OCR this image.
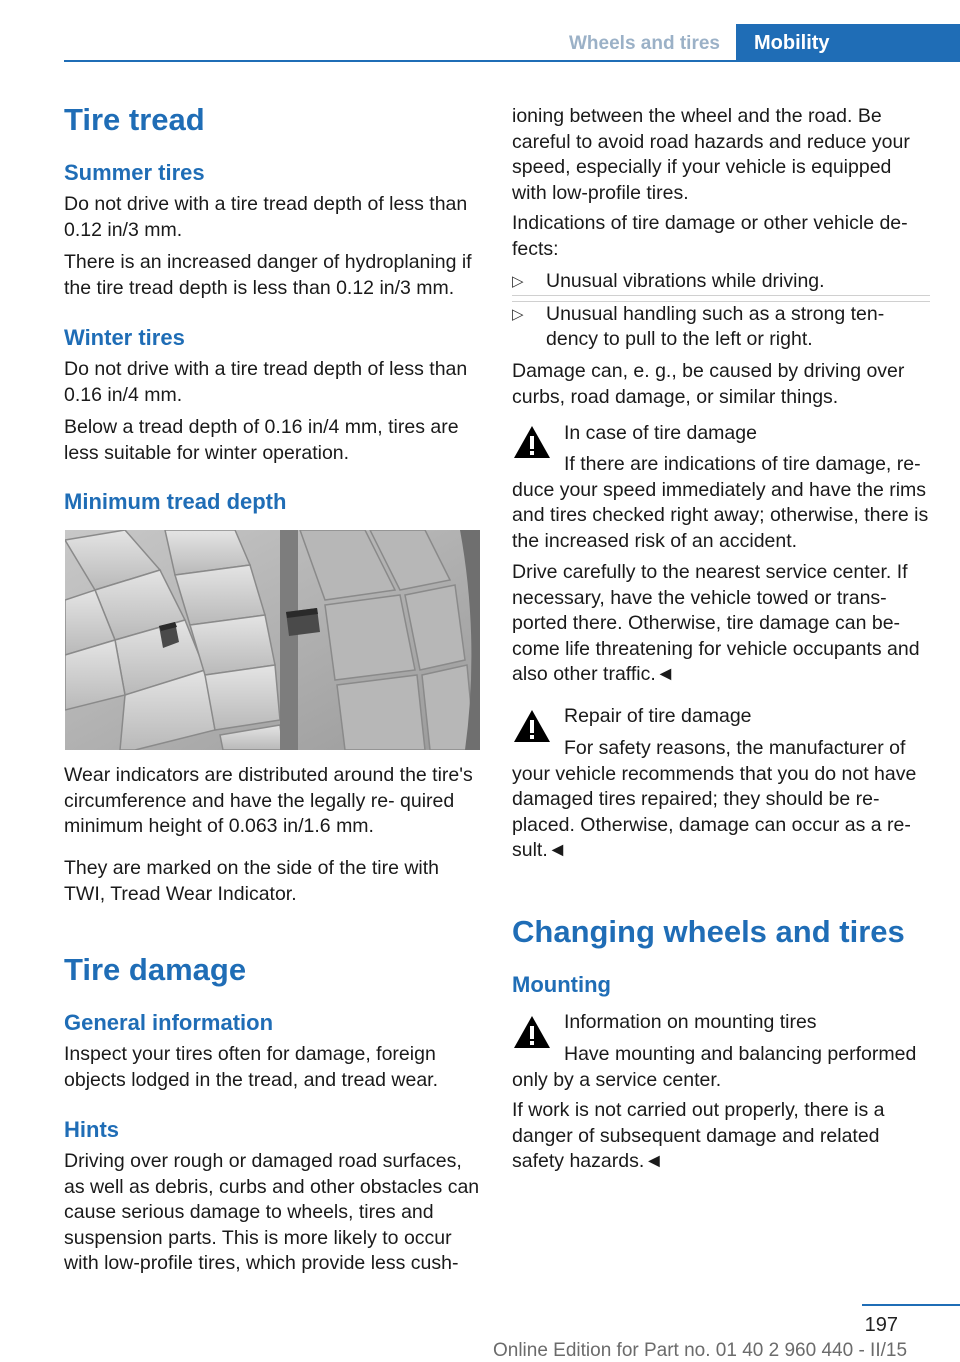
Wheels and tires	Mobility
Tire tread
Summer tires

Do not drive with a tire tread depth of less than 0.12 in/3 mm.

There is an increased danger of hydroplaning if the tire tread depth is less than 0.12 in/3 mm.

Winter tires

Do not drive with a tire tread depth of less than 0.16 in/4 mm.

Below a tread depth of 0.16 in/4 mm, tires are less suitable for winter operation.

Minimum tread depth

Wear indicators are distributed around the tire's circumference and have the legally re- quired minimum height of 0.063 in/1.6 mm.

They are marked on the side of the tire with TWI, Tread Wear Indicator.

Tire damage
General information

Inspect your tires often for damage, foreign objects lodged in the tread, and tread wear.

Hints

Driving over rough or damaged road surfaces, as well as debris, curbs and other obstacles can cause serious damage to wheels, tires and suspension parts. This is more likely to occur with low-profile tires, which provide less cush-

ioning between the wheel and the road. Be careful to avoid road hazards and reduce your speed, especially if your vehicle is equipped with low-profile tires.

Indications of tire damage or other vehicle de- fects:

▷ Unusual vibrations while driving.

▷ Unusual handling such as a strong ten- dency to pull to the left or right.

Damage can, e. g., be caused by driving over curbs, road damage, or similar things.

In case of tire damage

If there are indications of tire damage, re- duce your speed immediately and have the rims and tires checked right away; otherwise, there is the increased risk of an accident.

Drive carefully to the nearest service center. If necessary, have the vehicle towed or trans- ported there. Otherwise, tire damage can be- come life threatening for vehicle occupants and also other traffic.◄

Repair of tire damage

For safety reasons, the manufacturer of your vehicle recommends that you do not have damaged tires repaired; they should be re- placed. Otherwise, damage can occur as a re- sult.◄

Changing wheels and tires
Mounting

Information on mounting tires

Have mounting and balancing performed only by a service center.

If work is not carried out properly, there is a danger of subsequent damage and related safety hazards.◄

197
Online Edition for Part no. 01 40 2 960 440 - II/15
